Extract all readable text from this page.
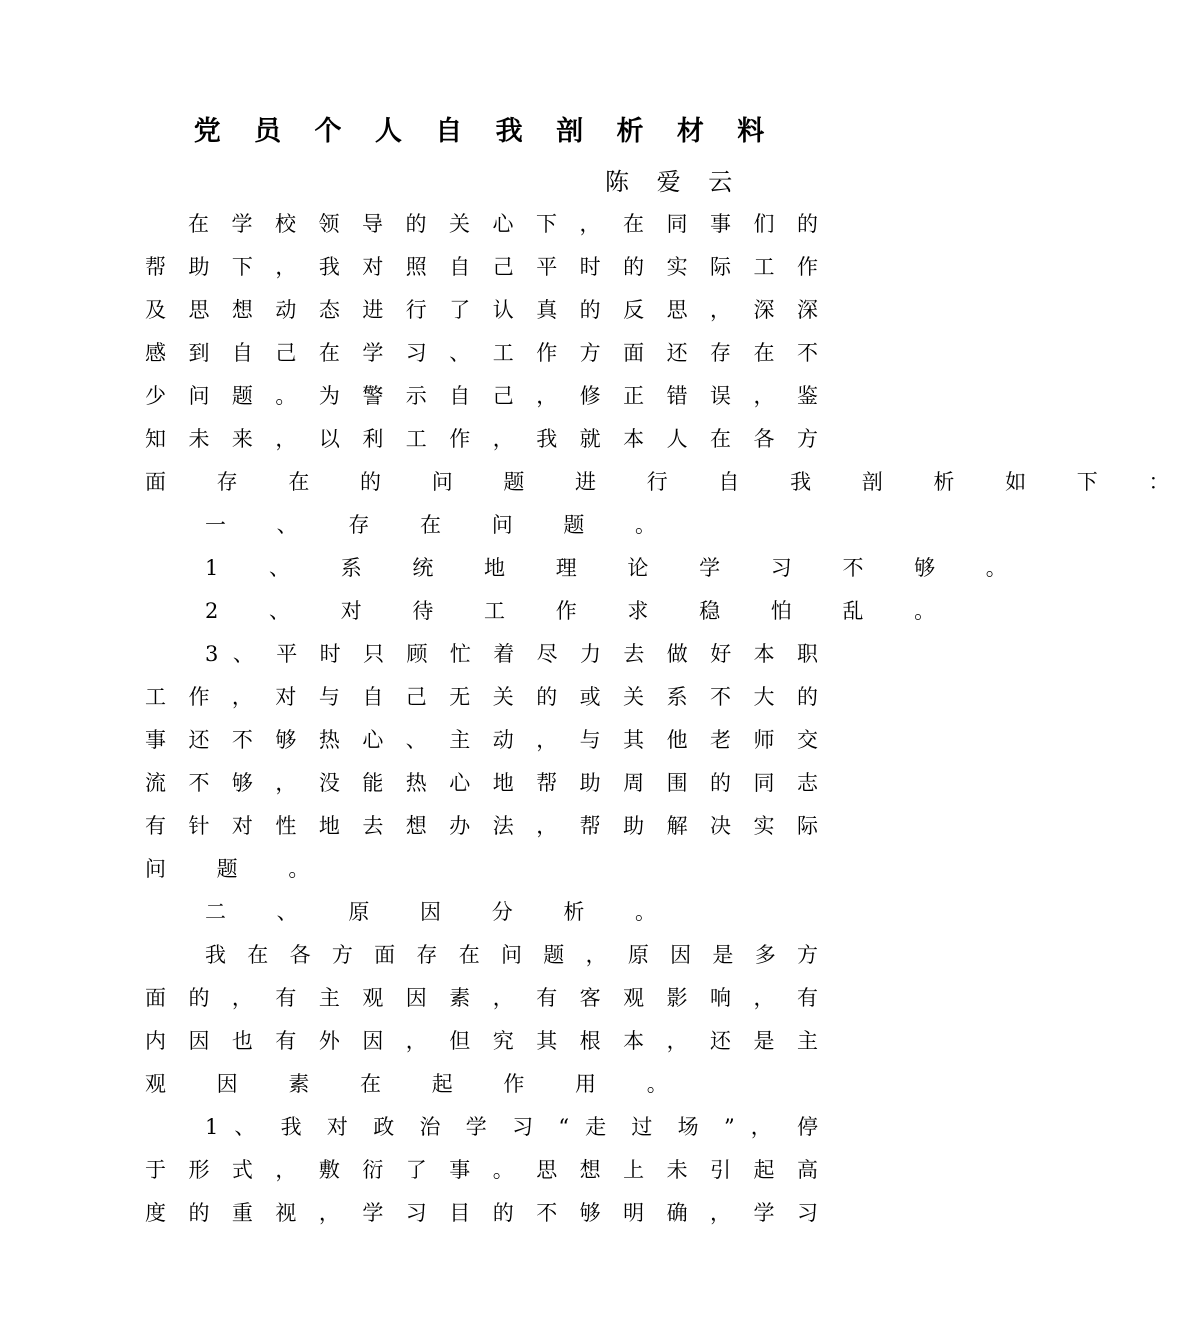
党 员 个 人 自 我 剖 析 材 料
陈 爱 云
在 学 校 领 导 的 关 心 下 ， 在 同 事 们 的
帮 助 下 ， 我 对 照 自 己 平 时 的 实 际 工 作
及 思 想 动 态 进 行 了 认 真 的 反 思 ， 深 深
感 到 自 己 在 学 习 、 工 作 方 面 还 存 在 不
少 问 题 。 为 警 示 自 己 ， 修 正 错 误 ， 鉴
知 未 来 ， 以 利 工 作 ， 我 就 本 人 在 各 方
面 存 在 的 问 题 进 行 自 我 剖 析 如 下 ：
一 、 存 在 问 题 。
1 、 系 统 地 理 论 学 习 不 够 。
2 、 对 待 工 作 求 稳 怕 乱 。
3 、 平 时 只 顾 忙 着 尽 力 去 做 好 本 职
工 作 ， 对 与 自 己 无 关 的 或 关 系 不 大 的
事 还 不 够 热 心 、 主 动 ， 与 其 他 老 师 交
流 不 够 ， 没 能 热 心 地 帮 助 周 围 的 同 志
有 针 对 性 地 去 想 办 法 ， 帮 助 解 决 实 际
问 题 。
二 、 原 因 分 析 。
我 在 各 方 面 存 在 问 题 ， 原 因 是 多 方
面 的 ， 有 主 观 因 素 ， 有 客 观 影 响 ， 有
内 因 也 有 外 因 ， 但 究 其 根 本 ， 还 是 主
观 因 素 在 起 作 用 。
1 、 我 对 政 治 学 习 “ 走 过 场 ” ， 停
于 形 式 ， 敷 衍 了 事 。 思 想 上 未 引 起 高
度 的 重 视 ， 学 习 目 的 不 够 明 确 ， 学 习
